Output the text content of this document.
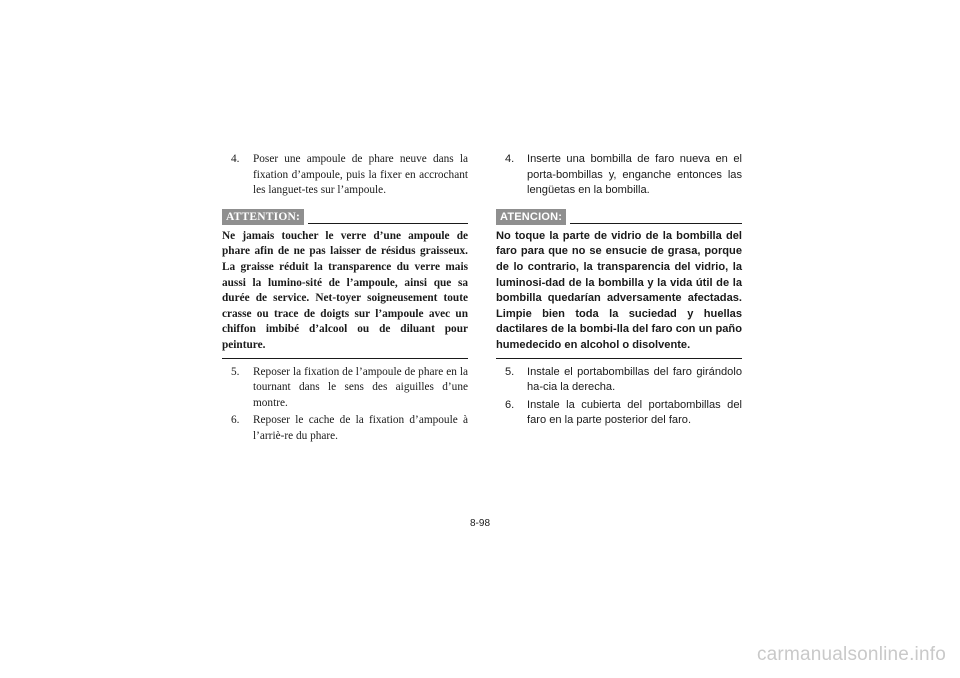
4.	Poser une ampoule de phare neuve dans la fixation d’ampoule, puis la fixer en accrochant les languet-tes sur l’ampoule.
ATTENTION:
Ne jamais toucher le verre d’une ampoule de phare afin de ne pas laisser de résidus graisseux. La graisse réduit la transparence du verre mais aussi la lumino-sité de l’ampoule, ainsi que sa durée de service. Net-toyer soigneusement toute crasse ou trace de doigts sur l’ampoule avec un chiffon imbibé d’alcool ou de diluant pour peinture.
5.	Reposer la fixation de l’ampoule de phare en la tournant dans le sens des aiguilles d’une montre.
6.	Reposer le cache de la fixation d’ampoule à l’arriè-re du phare.
4.	Inserte una bombilla de faro nueva en el porta-bombillas y, enganche entonces las lengüetas en la bombilla.
ATENCION:
No toque la parte de vidrio de la bombilla del faro para que no se ensucie de grasa, porque de lo contrario, la transparencia del vidrio, la luminosi-dad de la bombilla y la vida útil de la bombilla quedarían adversamente afectadas. Limpie bien toda la suciedad y huellas dactilares de la bombi-lla del faro con un paño humedecido en alcohol o disolvente.
5.	Instale el portabombillas del faro girándolo ha-cia la derecha.
6.	Instale la cubierta del portabombillas del faro en la parte posterior del faro.
8-98
carmanualsonline.info
